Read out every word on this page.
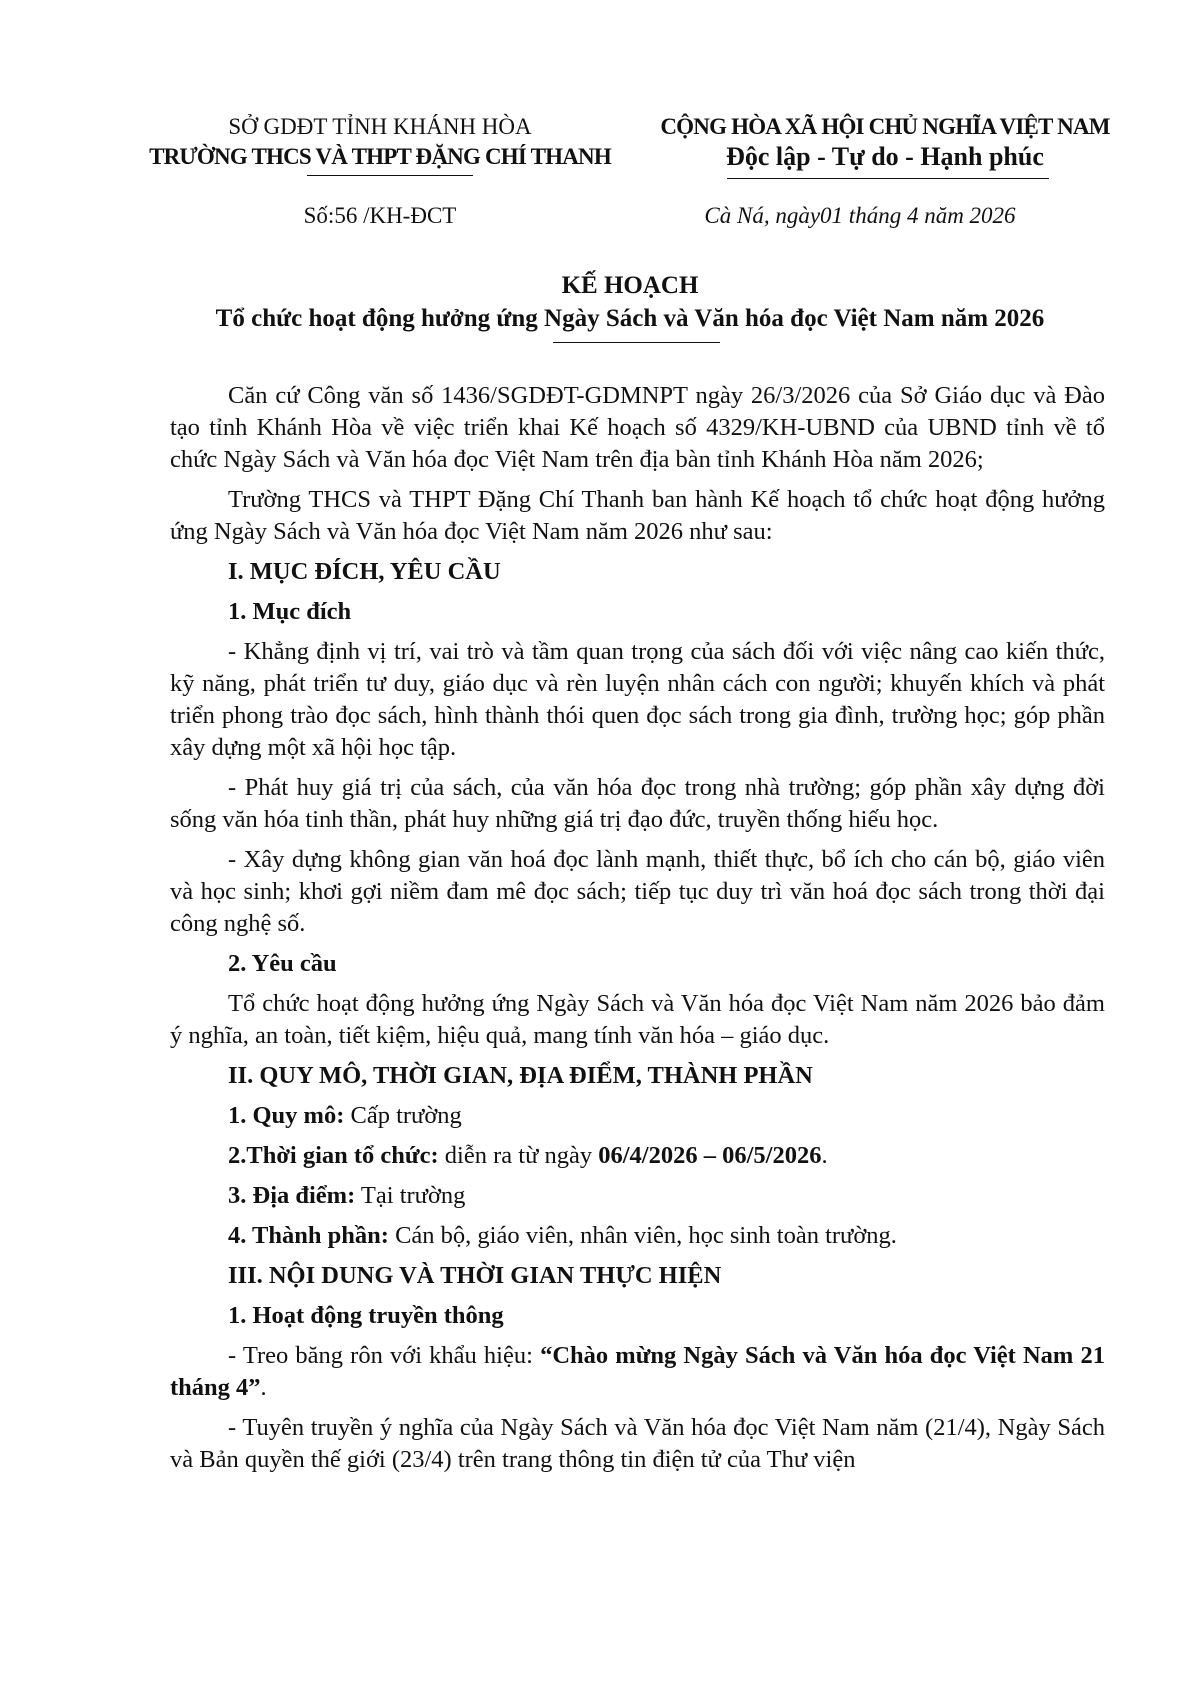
SỞ GDĐT TỈNH KHÁNH HÒA
TRƯỜNG THCS VÀ THPT ĐẶNG CHÍ THANH
Số:56 /KH-ĐCT
CỘNG HÒA XÃ HỘI CHỦ NGHĨA VIỆT NAM
Độc lập - Tự do - Hạnh phúc
Cà Ná, ngày01 tháng 4 năm 2026
KẾ HOẠCH
Tổ chức hoạt động hưởng ứng Ngày Sách và Văn hóa đọc Việt Nam năm 2026

Căn cứ Công văn số 1436/SGDĐT-GDMNPT ngày 26/3/2026 của Sở Giáo dục và Đào tạo tỉnh Khánh Hòa về việc triển khai Kế hoạch số 4329/KH-UBND của UBND tỉnh về tổ chức Ngày Sách và Văn hóa đọc Việt Nam trên địa bàn tỉnh Khánh Hòa năm 2026;

Trường THCS và THPT Đặng Chí Thanh ban hành Kế hoạch tổ chức hoạt động hưởng ứng Ngày Sách và Văn hóa đọc Việt Nam năm 2026 như sau:

I. MỤC ĐÍCH, YÊU CẦU

1. Mục đích

- Khẳng định vị trí, vai trò và tầm quan trọng của sách đối với việc nâng cao kiến thức, kỹ năng, phát triển tư duy, giáo dục và rèn luyện nhân cách con người; khuyến khích và phát triển phong trào đọc sách, hình thành thói quen đọc sách trong gia đình, trường học; góp phần xây dựng một xã hội học tập.

- Phát huy giá trị của sách, của văn hóa đọc trong nhà trường; góp phần xây dựng đời sống văn hóa tinh thần, phát huy những giá trị đạo đức, truyền thống hiếu học.

- Xây dựng không gian văn hoá đọc lành mạnh, thiết thực, bổ ích cho cán bộ, giáo viên và học sinh; khơi gợi niềm đam mê đọc sách; tiếp tục duy trì văn hoá đọc sách trong thời đại công nghệ số.

2. Yêu cầu

Tổ chức hoạt động hưởng ứng Ngày Sách và Văn hóa đọc Việt Nam năm 2026 bảo đảm ý nghĩa, an toàn, tiết kiệm, hiệu quả, mang tính văn hóa – giáo dục.

II. QUY MÔ, THỜI GIAN, ĐỊA ĐIỂM, THÀNH PHẦN

1. Quy mô: Cấp trường

2.Thời gian tổ chức: diễn ra từ ngày 06/4/2026 – 06/5/2026.

3. Địa điểm: Tại trường

4. Thành phần: Cán bộ, giáo viên, nhân viên, học sinh toàn trường.

III. NỘI DUNG VÀ THỜI GIAN THỰC HIỆN

1. Hoạt động truyền thông

- Treo băng rôn với khẩu hiệu: “Chào mừng Ngày Sách và Văn hóa đọc Việt Nam 21 tháng 4”.

- Tuyên truyền ý nghĩa của Ngày Sách và Văn hóa đọc Việt Nam năm (21/4), Ngày Sách và Bản quyền thế giới (23/4) trên trang thông tin điện tử của Thư viện
